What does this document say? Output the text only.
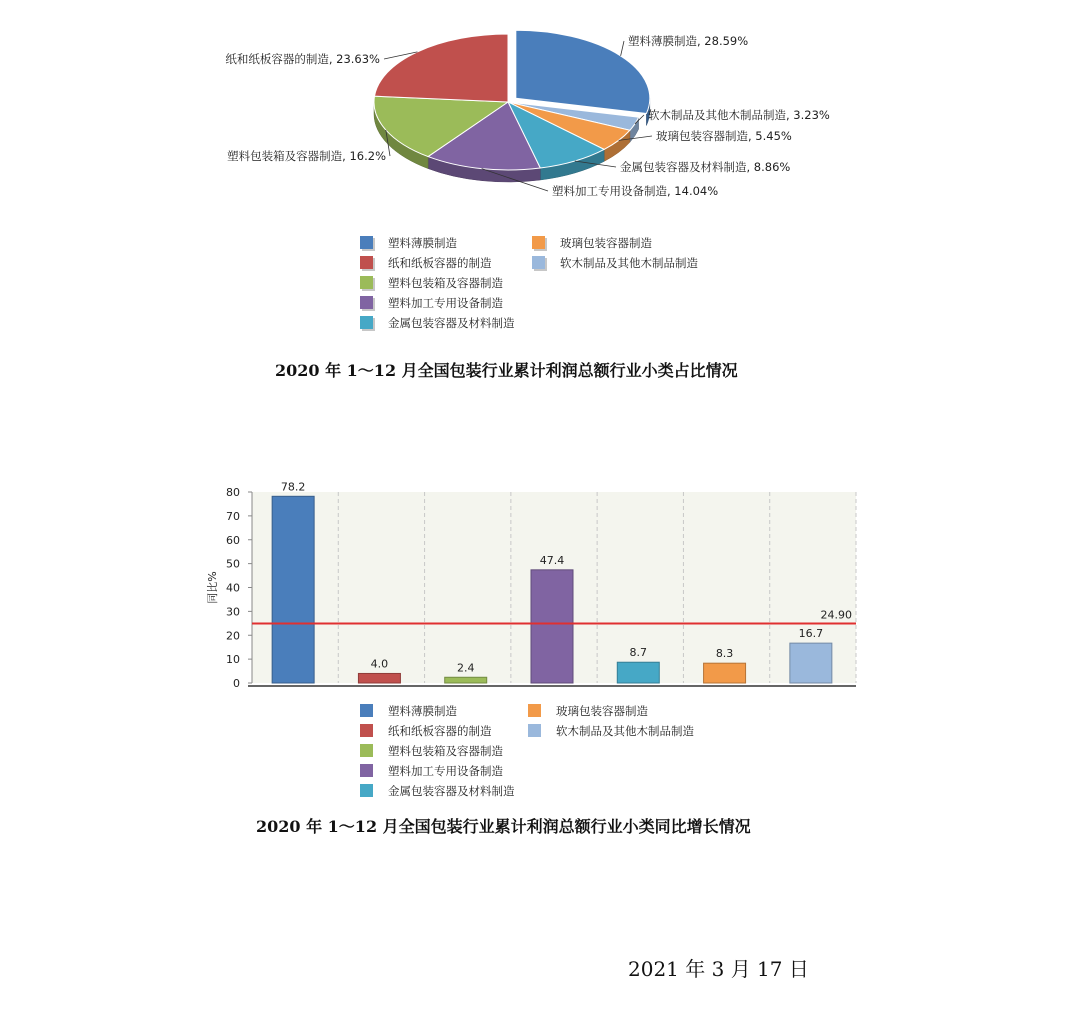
塑料薄膜制造, 28.59%
软木制品及其他木制品制造, 3.23%
玻璃包装容器制造, 5.45%
金属包装容器及材料制造, 8.86%
塑料加工专用设备制造, 14.04%
塑料包装箱及容器制造, 16.2%
纸和纸板容器的制造, 23.63%
塑料薄膜制造
纸和纸板容器的制造
塑料包装箱及容器制造
塑料加工专用设备制造
金属包装容器及材料制造
玻璃包装容器制造
软木制品及其他木制品制造
2020 年 1～12 月全国包装行业累计利润总额行业小类占比情况
0
10
20
30
40
50
60
70
80
同比%
78.2
4.0	2.4
47.4
8.7	8.3
16.7
24.90
塑料薄膜制造
纸和纸板容器的制造
塑料包装箱及容器制造
塑料加工专用设备制造
金属包装容器及材料制造
玻璃包装容器制造
软木制品及其他木制品制造
2020 年 1～12 月全国包装行业累计利润总额行业小类同比增长情况
2021 年 3 月 17 日
